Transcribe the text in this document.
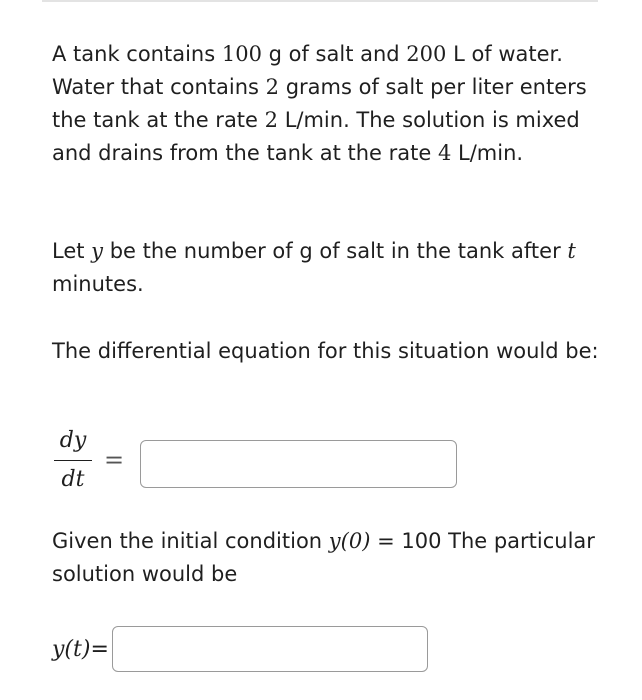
A tank contains 100 g of salt and 200 L of water. Water that contains 2 grams of salt per liter enters the tank at the rate 2 L/min. The solution is mixed and drains from the tank at the rate 4 L/min.

Let y be the number of g of salt in the tank after t minutes.

The differential equation for this situation would be:

dy
dt
=

Given the initial condition y(0) = 100 The particular solution would be

y(t)=
